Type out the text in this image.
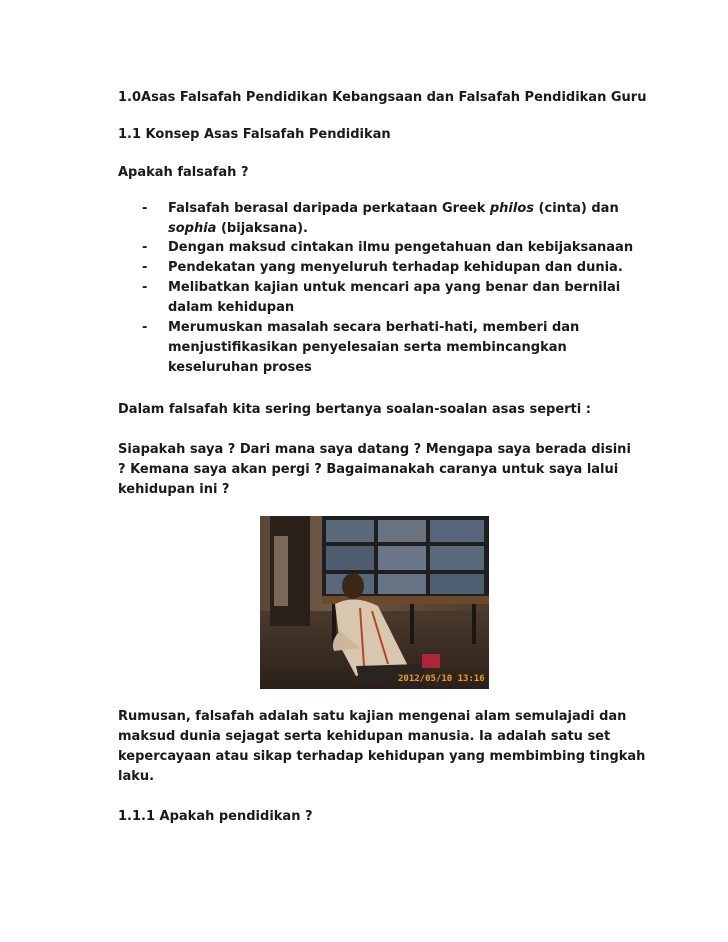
1.0Asas Falsafah Pendidikan Kebangsaan dan Falsafah Pendidikan Guru
1.1 Konsep Asas Falsafah Pendidikan
Apakah falsafah ?
- Falsafah berasal daripada perkataan Greek philos (cinta) dan
sophia (bijaksana).
- Dengan maksud cintakan ilmu pengetahuan dan kebijaksanaan
- Pendekatan yang menyeluruh terhadap kehidupan dan dunia.
- Melibatkan kajian untuk mencari apa yang benar dan bernilai
dalam kehidupan
- Merumuskan masalah secara berhati-hati, memberi dan
menjustifikasikan penyelesaian serta membincangkan
keseluruhan proses
Dalam falsafah kita sering bertanya soalan-soalan asas seperti :
Siapakah saya ? Dari mana saya datang ? Mengapa saya berada disini
? Kemana saya akan pergi ? Bagaimanakah caranya untuk saya lalui
kehidupan ini ?
2012/05/10 13:16
Rumusan, falsafah adalah satu kajian mengenai alam semulajadi dan
maksud dunia sejagat serta kehidupan manusia. Ia adalah satu set
kepercayaan atau sikap terhadap kehidupan yang membimbing tingkah
laku.
1.1.1 Apakah pendidikan ?
